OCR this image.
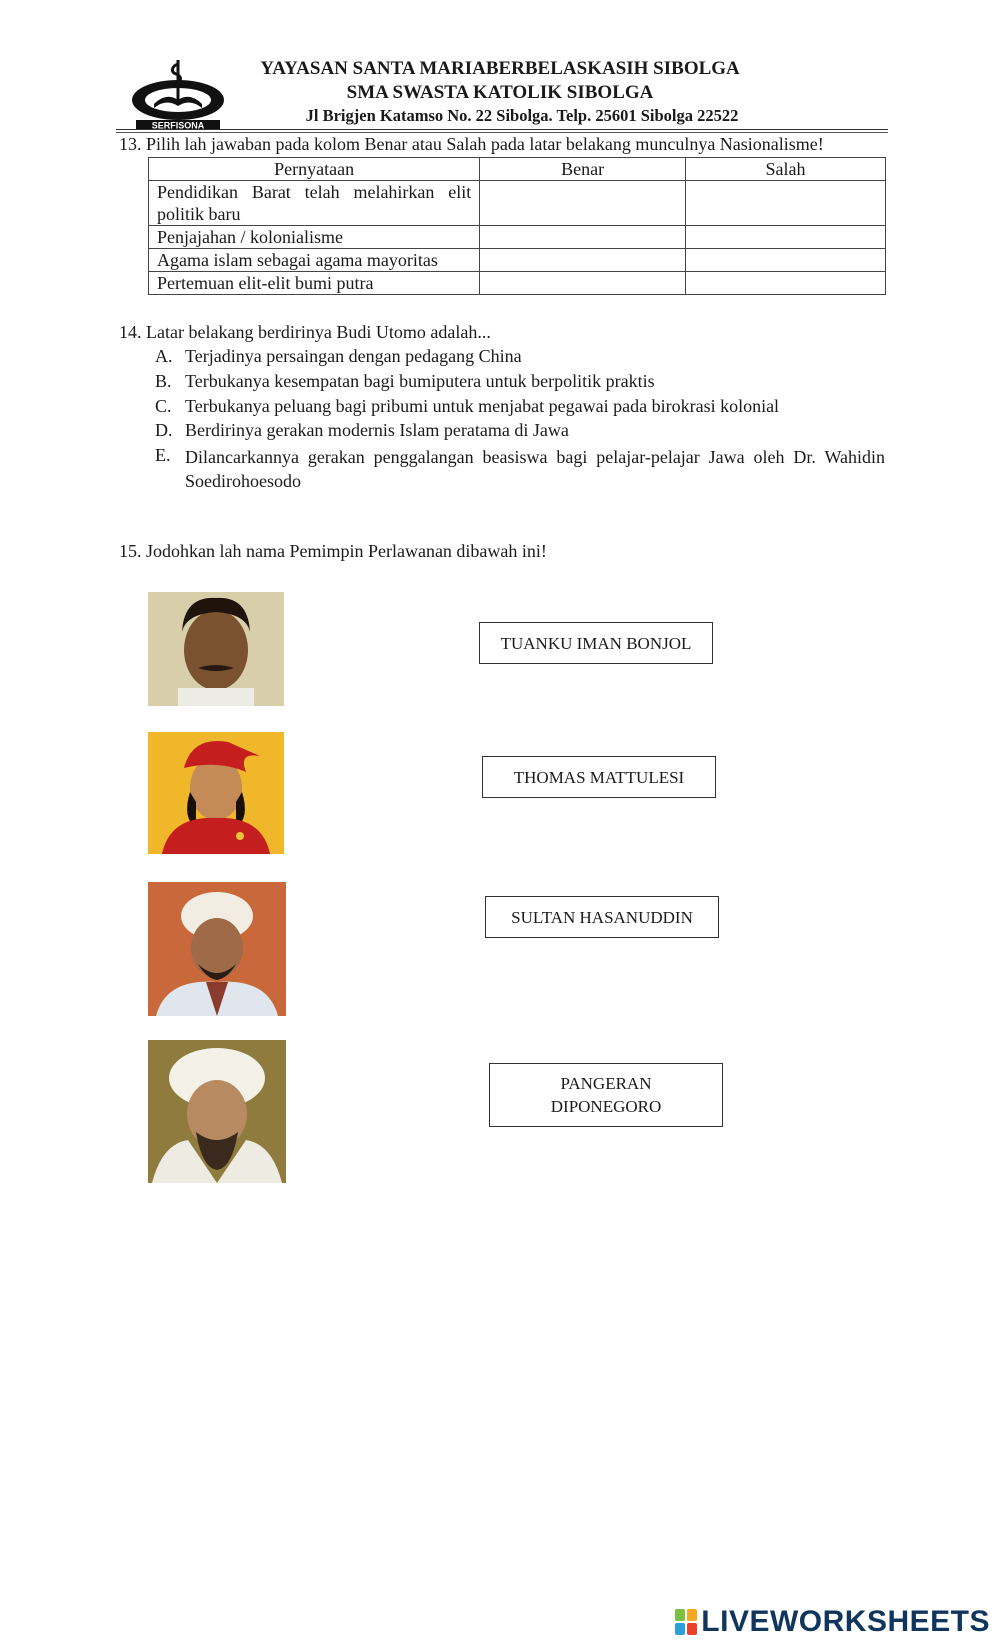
SERFISONA
YAYASAN SANTA MARIABERBELASKASIH SIBOLGA
SMA SWASTA KATOLIK SIBOLGA
Jl Brigjen Katamso No. 22 Sibolga. Telp. 25601 Sibolga 22522
13. Pilih lah jawaban pada kolom Benar atau Salah pada latar belakang munculnya Nasionalisme!
Pernyataan	Benar	Salah
Pendidikan Barat telah melahirkan elit politik baru		
Penjajahan / kolonialisme		
Agama islam sebagai agama mayoritas		
Pertemuan elit-elit bumi putra		
14. Latar belakang berdirinya Budi Utomo adalah...
A. Terjadinya persaingan dengan pedagang China
B. Terbukanya kesempatan bagi bumiputera untuk berpolitik praktis
C. Terbukanya peluang bagi pribumi untuk menjabat pegawai pada birokrasi kolonial
D. Berdirinya gerakan modernis Islam peratama di Jawa
E. Dilancarkannya gerakan penggalangan beasiswa bagi pelajar-pelajar Jawa oleh Dr. Wahidin Soedirohoesodo
15. Jodohkan lah nama Pemimpin Perlawanan dibawah ini!
TUANKU IMAN BONJOL
THOMAS MATTULESI
SULTAN HASANUDDIN
PANGERAN DIPONEGORO
LIVEWORKSHEETS
